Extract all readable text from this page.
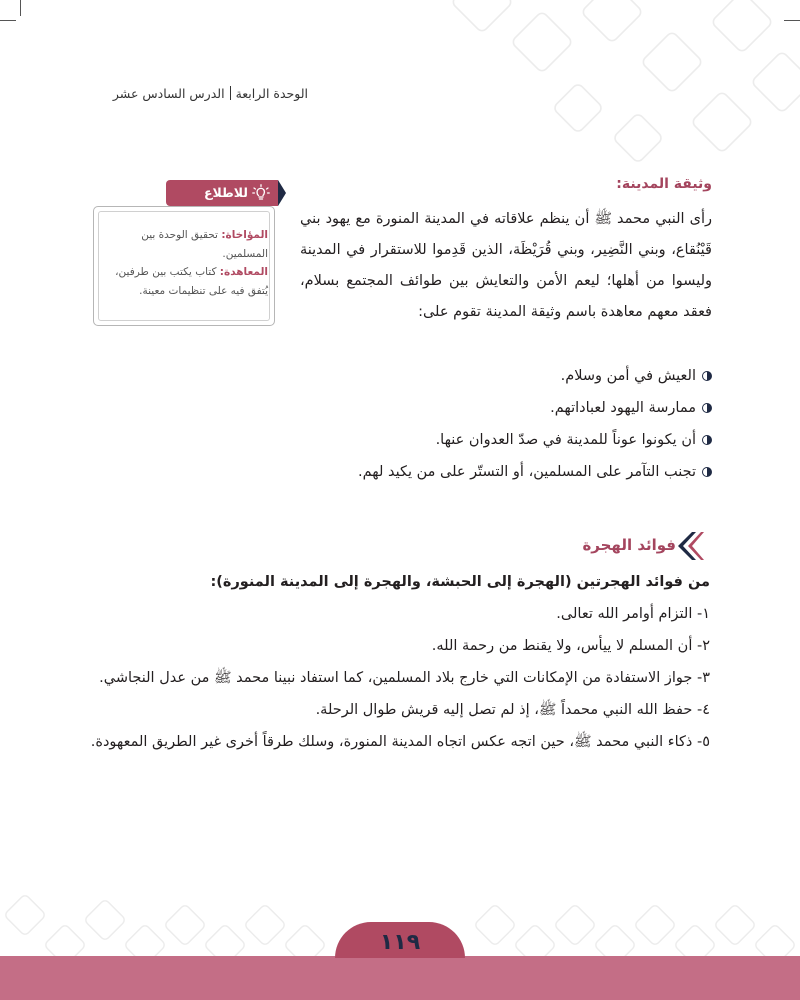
الوحدة الرابعةالدرس السادس عشر
للاطلاع

المؤاخاة: تحقيق الوحدة بين المسلمين.
المعاهدة: كتاب يكتب بين طرفين، يُتفق فيه على تنظيمات معينة.

وثيقة المدينة:

رأى النبي محمد ﷺ أن ينظم علاقاته في المدينة المنورة مع يهود بني قَيْنُقاع، وبني النَّضِير، وبني قُرَيْظَة، الذين قَدِموا للاستقرار في المدينة وليسوا من أهلها؛ ليعم الأمن والتعايش بين طوائف المجتمع بسلام، فعقد معهم معاهدة باسم وثيقة المدينة تقوم على:

العيش في أمن وسلام.
ممارسة اليهود لعباداتهم.
أن يكونوا عوناً للمدينة في صدّ العدوان عنها.
تجنب التآمر على المسلمين، أو التستّر على من يكيد لهم.
فوائد الهجرة

من فوائد الهجرتين (الهجرة إلى الحبشة، والهجرة إلى المدينة المنورة):

١- التزام أوامر الله تعالى.
٢- أن المسلم لا ييأس، ولا يقنط من رحمة الله.
٣- جواز الاستفادة من الإمكانات التي خارج بلاد المسلمين، كما استفاد نبينا محمد ﷺ من عدل النجاشي.
٤- حفظ الله النبي محمداً ﷺ، إذ لم تصل إليه قريش طوال الرحلة.
٥- ذكاء النبي محمد ﷺ، حين اتجه عكس اتجاه المدينة المنورة، وسلك طرقاً أخرى غير الطريق المعهودة.
١١٩
